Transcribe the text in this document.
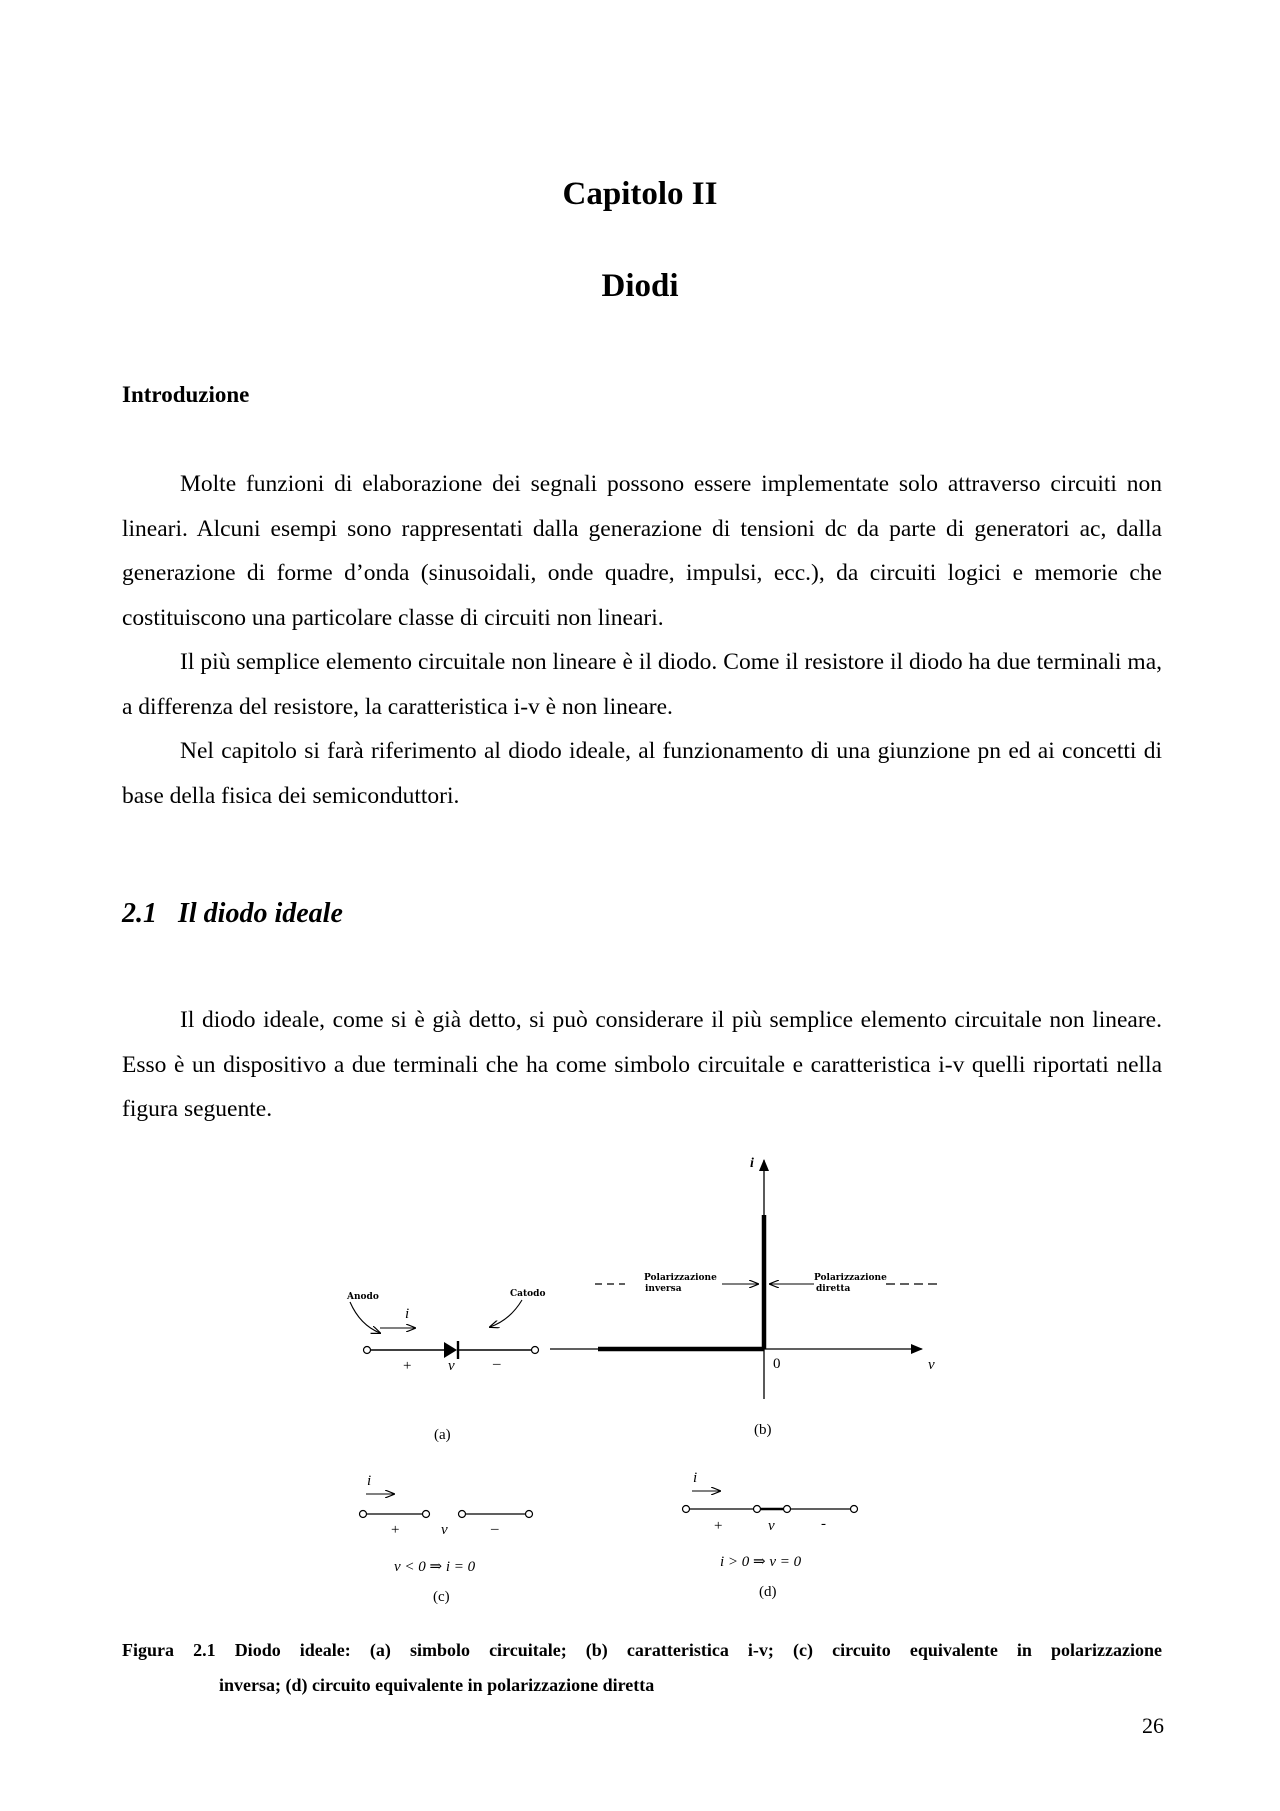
Capitolo II
Diodi
Introduzione

Molte funzioni di elaborazione dei segnali possono essere implementate solo attraverso circuiti non lineari. Alcuni esempi sono rappresentati dalla generazione di tensioni dc da parte di generatori ac, dalla generazione di forme d’onda (sinusoidali, onde quadre, impulsi, ecc.), da circuiti logici e memorie che costituiscono una particolare classe di circuiti non lineari.

Il più semplice elemento circuitale non lineare è il diodo. Come il resistore il diodo ha due terminali ma, a differenza del resistore, la caratteristica i-v è non lineare.

Nel capitolo si farà riferimento al diodo ideale, al funzionamento di una giunzione pn ed ai concetti di base della fisica dei semiconduttori.

2.1 Il diodo ideale

Il diodo ideale, come si è già detto, si può considerare il più semplice elemento circuitale non lineare. Esso è un dispositivo a due terminali che ha come simbolo circuitale e caratteristica i-v quelli riportati nella figura seguente.

Anodo	Catodo
i
+ v	–
(a)
i
v
0
Polarizzazione
inversa
Polarizzazione
diretta
(b)
i
+	v	–
v < 0 ⇒ i = 0
(c)
i
+	v	-
i > 0 ⇒ v = 0
(d)
Figura 2.1 Diodo ideale: (a) simbolo circuitale; (b) caratteristica i-v; (c) circuito equivalente in polarizzazione
inversa; (d) circuito equivalente in polarizzazione diretta
26
